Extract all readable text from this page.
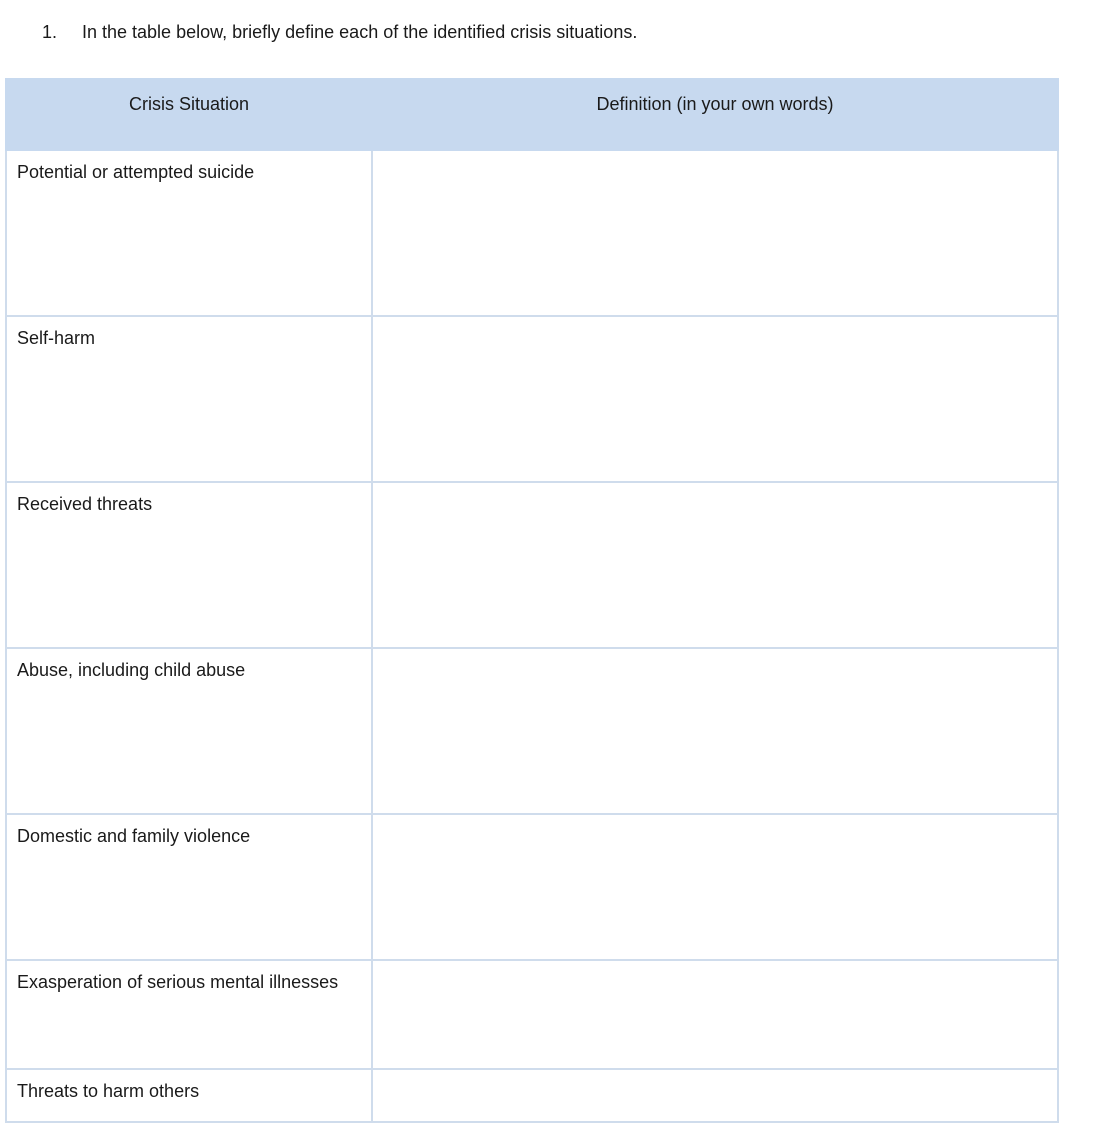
1.	In the table below, briefly define each of the identified crisis situations.
Crisis Situation	Definition (in your own words)
Potential or attempted suicide	
Self-harm	
Received threats	
Abuse, including child abuse	
Domestic and family violence	
Exasperation of serious mental illnesses	
Threats to harm others	
